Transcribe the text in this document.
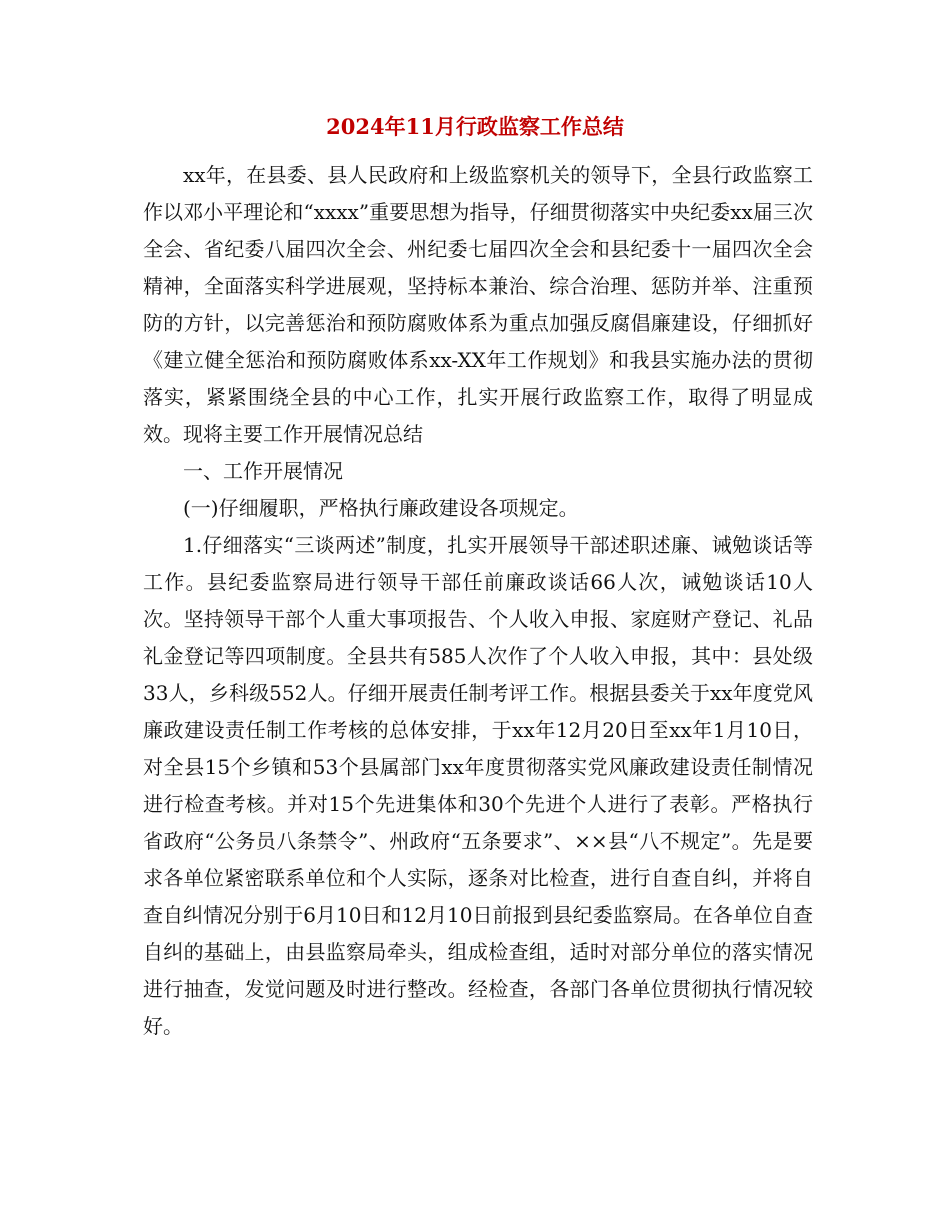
2024年11月行政监察工作总结

xx年，在县委、县人民政府和上级监察机关的领导下，全县行政监察工作以邓小平理论和“xxxx”重要思想为指导，仔细贯彻落实中央纪委xx届三次全会、省纪委八届四次全会、州纪委七届四次全会和县纪委十一届四次全会精神，全面落实科学进展观，坚持标本兼治、综合治理、惩防并举、注重预防的方针，以完善惩治和预防腐败体系为重点加强反腐倡廉建设，仔细抓好《建立健全惩治和预防腐败体系xx-XX年工作规划》和我县实施办法的贯彻落实，紧紧围绕全县的中心工作，扎实开展行政监察工作，取得了明显成效。现将主要工作开展情况总结

一、工作开展情况

(一)仔细履职，严格执行廉政建设各项规定。

1.仔细落实“三谈两述”制度，扎实开展领导干部述职述廉、诫勉谈话等工作。县纪委监察局进行领导干部任前廉政谈话66人次，诫勉谈话10人次。坚持领导干部个人重大事项报告、个人收入申报、家庭财产登记、礼品礼金登记等四项制度。全县共有585人次作了个人收入申报，其中：县处级33人，乡科级552人。仔细开展责任制考评工作。根据县委关于xx年度党风廉政建设责任制工作考核的总体安排，于xx年12月20日至xx年1月10日，对全县15个乡镇和53个县属部门xx年度贯彻落实党风廉政建设责任制情况进行检查考核。并对15个先进集体和30个先进个人进行了表彰。严格执行省政府“公务员八条禁令”、州政府“五条要求”、××县“八不规定”。先是要求各单位紧密联系单位和个人实际，逐条对比检查，进行自查自纠，并将自查自纠情况分别于6月10日和12月10日前报到县纪委监察局。在各单位自查自纠的基础上，由县监察局牵头，组成检查组，适时对部分单位的落实情况进行抽查，发觉问题及时进行整改。经检查，各部门各单位贯彻执行情况较好。
